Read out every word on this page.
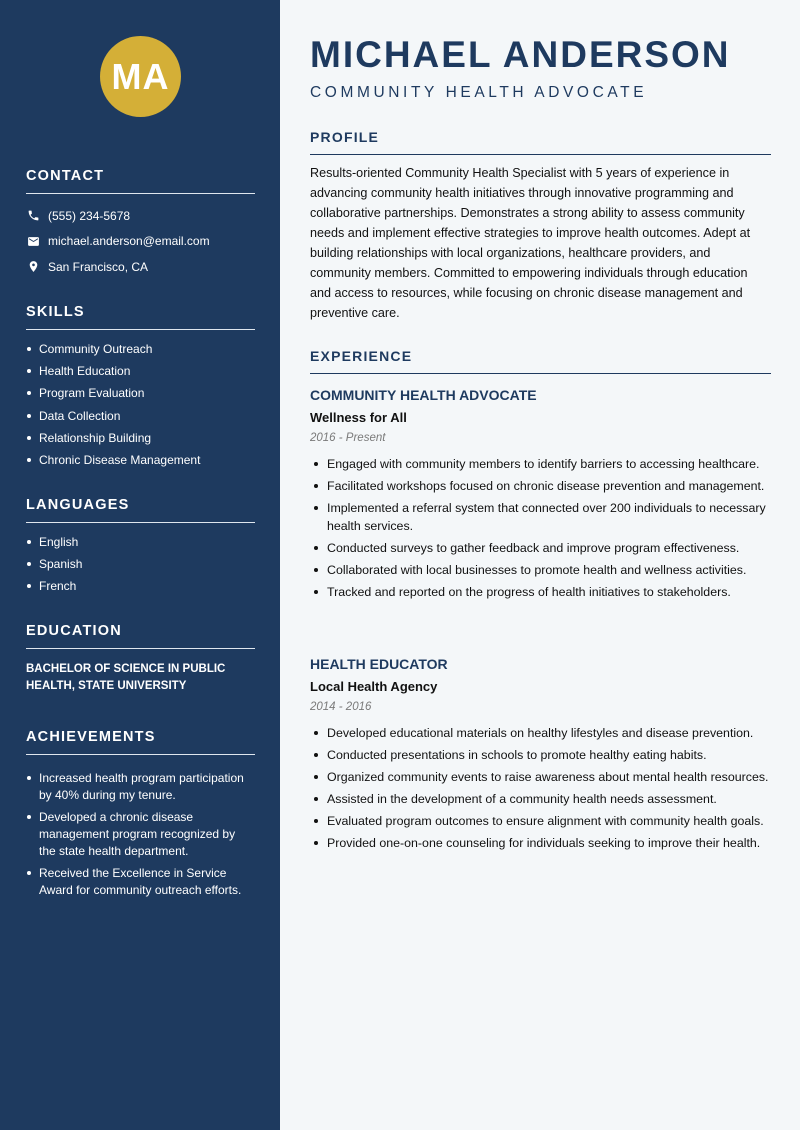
MA
CONTACT
(555) 234-5678
michael.anderson@email.com
San Francisco, CA
SKILLS
Community Outreach
Health Education
Program Evaluation
Data Collection
Relationship Building
Chronic Disease Management
LANGUAGES
English
Spanish
French
EDUCATION
BACHELOR OF SCIENCE IN PUBLIC HEALTH, STATE UNIVERSITY
ACHIEVEMENTS
Increased health program participation by 40% during my tenure.
Developed a chronic disease management program recognized by the state health department.
Received the Excellence in Service Award for community outreach efforts.
MICHAEL ANDERSON
COMMUNITY HEALTH ADVOCATE
PROFILE

Results-oriented Community Health Specialist with 5 years of experience in advancing community health initiatives through innovative programming and collaborative partnerships. Demonstrates a strong ability to assess community needs and implement effective strategies to improve health outcomes. Adept at building relationships with local organizations, healthcare providers, and community members. Committed to empowering individuals through education and access to resources, while focusing on chronic disease management and preventive care.

EXPERIENCE
COMMUNITY HEALTH ADVOCATE
Wellness for All
2016 - Present
Engaged with community members to identify barriers to accessing healthcare.
Facilitated workshops focused on chronic disease prevention and management.
Implemented a referral system that connected over 200 individuals to necessary health services.
Conducted surveys to gather feedback and improve program effectiveness.
Collaborated with local businesses to promote health and wellness activities.
Tracked and reported on the progress of health initiatives to stakeholders.
HEALTH EDUCATOR
Local Health Agency
2014 - 2016
Developed educational materials on healthy lifestyles and disease prevention.
Conducted presentations in schools to promote healthy eating habits.
Organized community events to raise awareness about mental health resources.
Assisted in the development of a community health needs assessment.
Evaluated program outcomes to ensure alignment with community health goals.
Provided one-on-one counseling for individuals seeking to improve their health.
